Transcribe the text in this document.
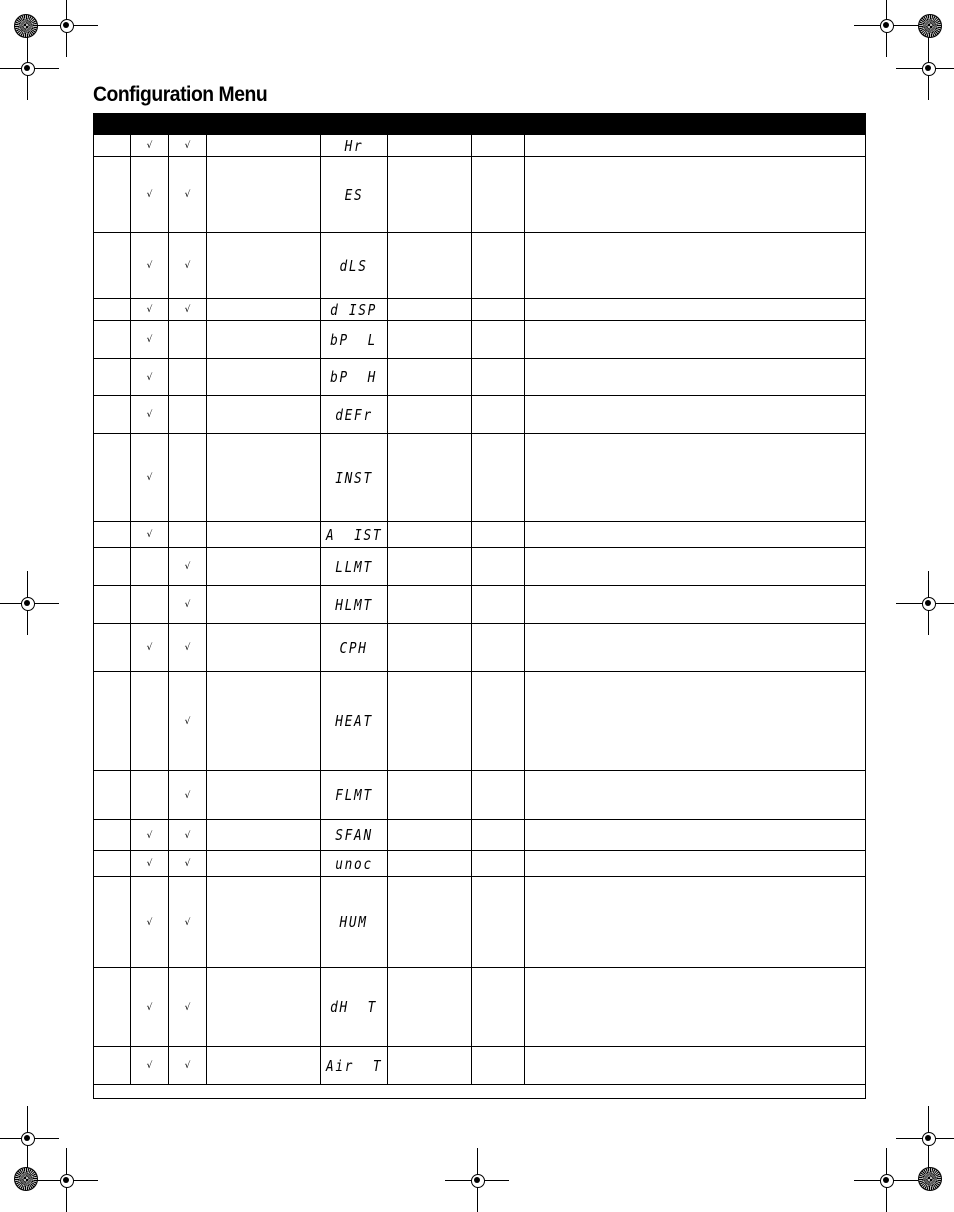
Configuration Menu

	√	√		Hr			
	√	√		ES			
	√	√		dLS			
	√	√		d ISP			
	√			bP  L			
	√			bP  H			
	√			dEFr			
	√			INST			
	√			A  IST			
		√		LLMT			
		√		HLMT			
	√	√		CPH			
		√		HEAT			
		√		FLMT			
	√	√		SFAN			
	√	√		unoc			
	√	√		HUM			
	√	√		dH  T			
	√	√		Air  T			
